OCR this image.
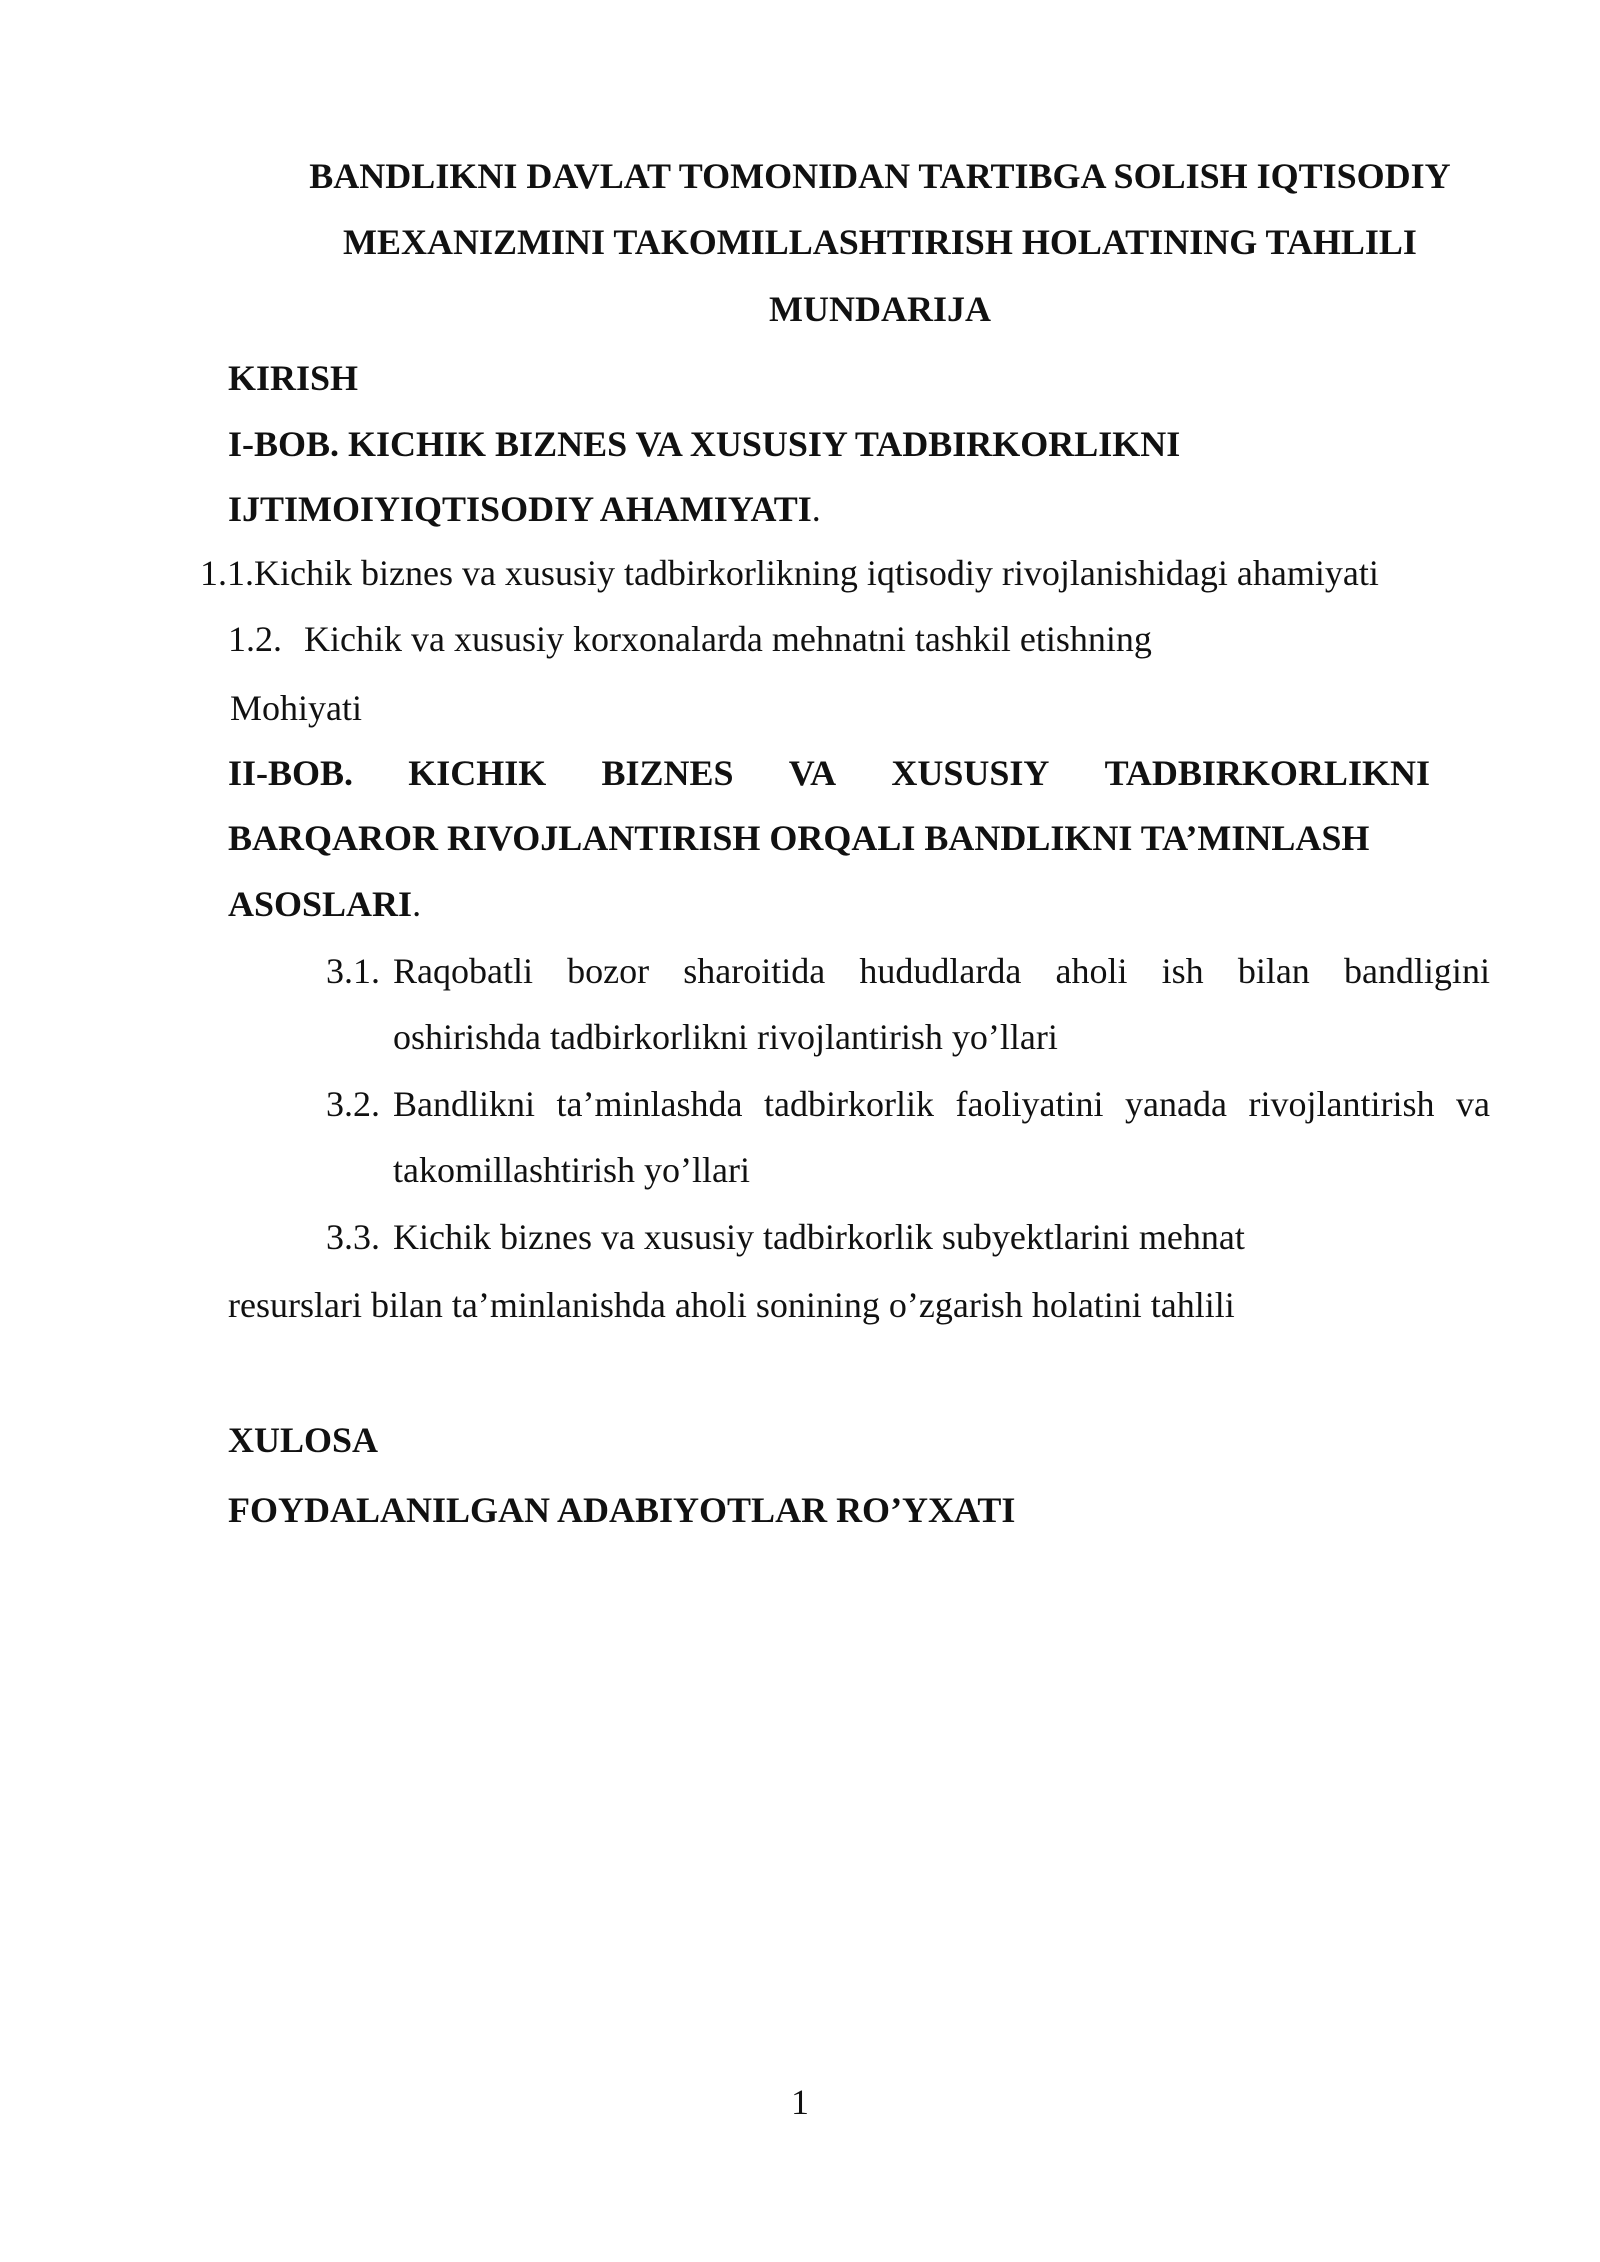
BANDLIKNI DAVLAT TOMONIDAN TARTIBGA SOLISH IQTISODIY
MEXANIZMINI TAKOMILLASHTIRISH HOLATINING TAHLILI
MUNDARIJA
KIRISH
I-BOB. KICHIK BIZNES VA XUSUSIY TADBIRKORLIKNI
IJTIMOIYIQTISODIY AHAMIYATI.
1.1.Kichik biznes va xususiy tadbirkorlikning iqtisodiy rivojlanishidagi ahamiyati
1.2. Kichik va xususiy korxonalarda mehnatni tashkil etishning
Mohiyati
II-BOB. KICHIK BIZNES VA XUSUSIY TADBIRKORLIKNI
BARQAROR RIVOJLANTIRISH ORQALI BANDLIKNI TA’MINLASH
ASOSLARI.
3.1. Raqobatli bozor sharoitida hududlarda aholi ish bilan bandligini
oshirishda tadbirkorlikni rivojlantirish yo’llari
3.2. Bandlikni ta’minlashda tadbirkorlik faoliyatini yanada rivojlantirish va
takomillashtirish yo’llari
3.3. Kichik biznes va xususiy tadbirkorlik subyektlarini mehnat
resurslari bilan ta’minlanishda aholi sonining o’zgarish holatini tahlili
XULOSA
FOYDALANILGAN ADABIYOTLAR RO’YXATI
1
